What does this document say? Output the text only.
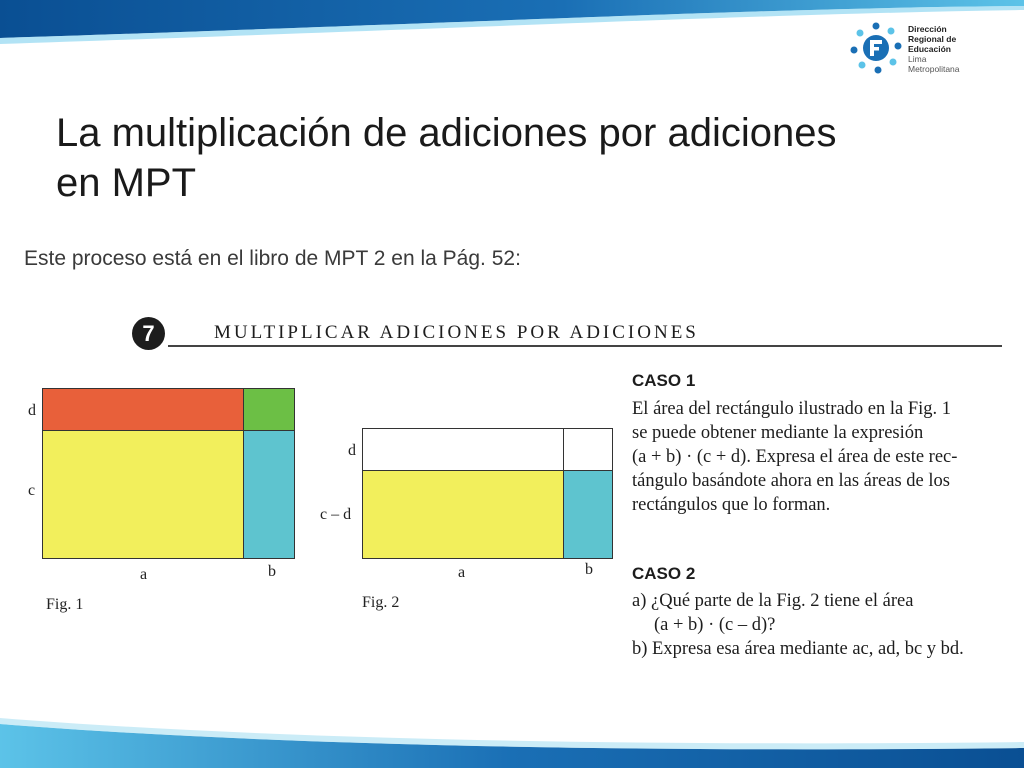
Dirección
Regional de
Educación
Lima
Metropolitana
La multiplicación de adiciones por adiciones
en MPT

Este proceso está en el libro de MPT 2 en la Pág. 52:

7	MULTIPLICAR ADICIONES POR ADICIONES
d
c
a	b
Fig. 1
d
c – d
a	b
Fig. 2
CASO 1
El área del rectángulo ilustrado en la Fig. 1
se puede obtener mediante la expresión
(a + b) · (c + d). Expresa el área de este rec-
tángulo basándote ahora en las áreas de los
rectángulos que lo forman.
CASO 2
a) ¿Qué parte de la Fig. 2 tiene el área
(a + b) · (c – d)?
b) Expresa esa área mediante ac, ad, bc y bd.
